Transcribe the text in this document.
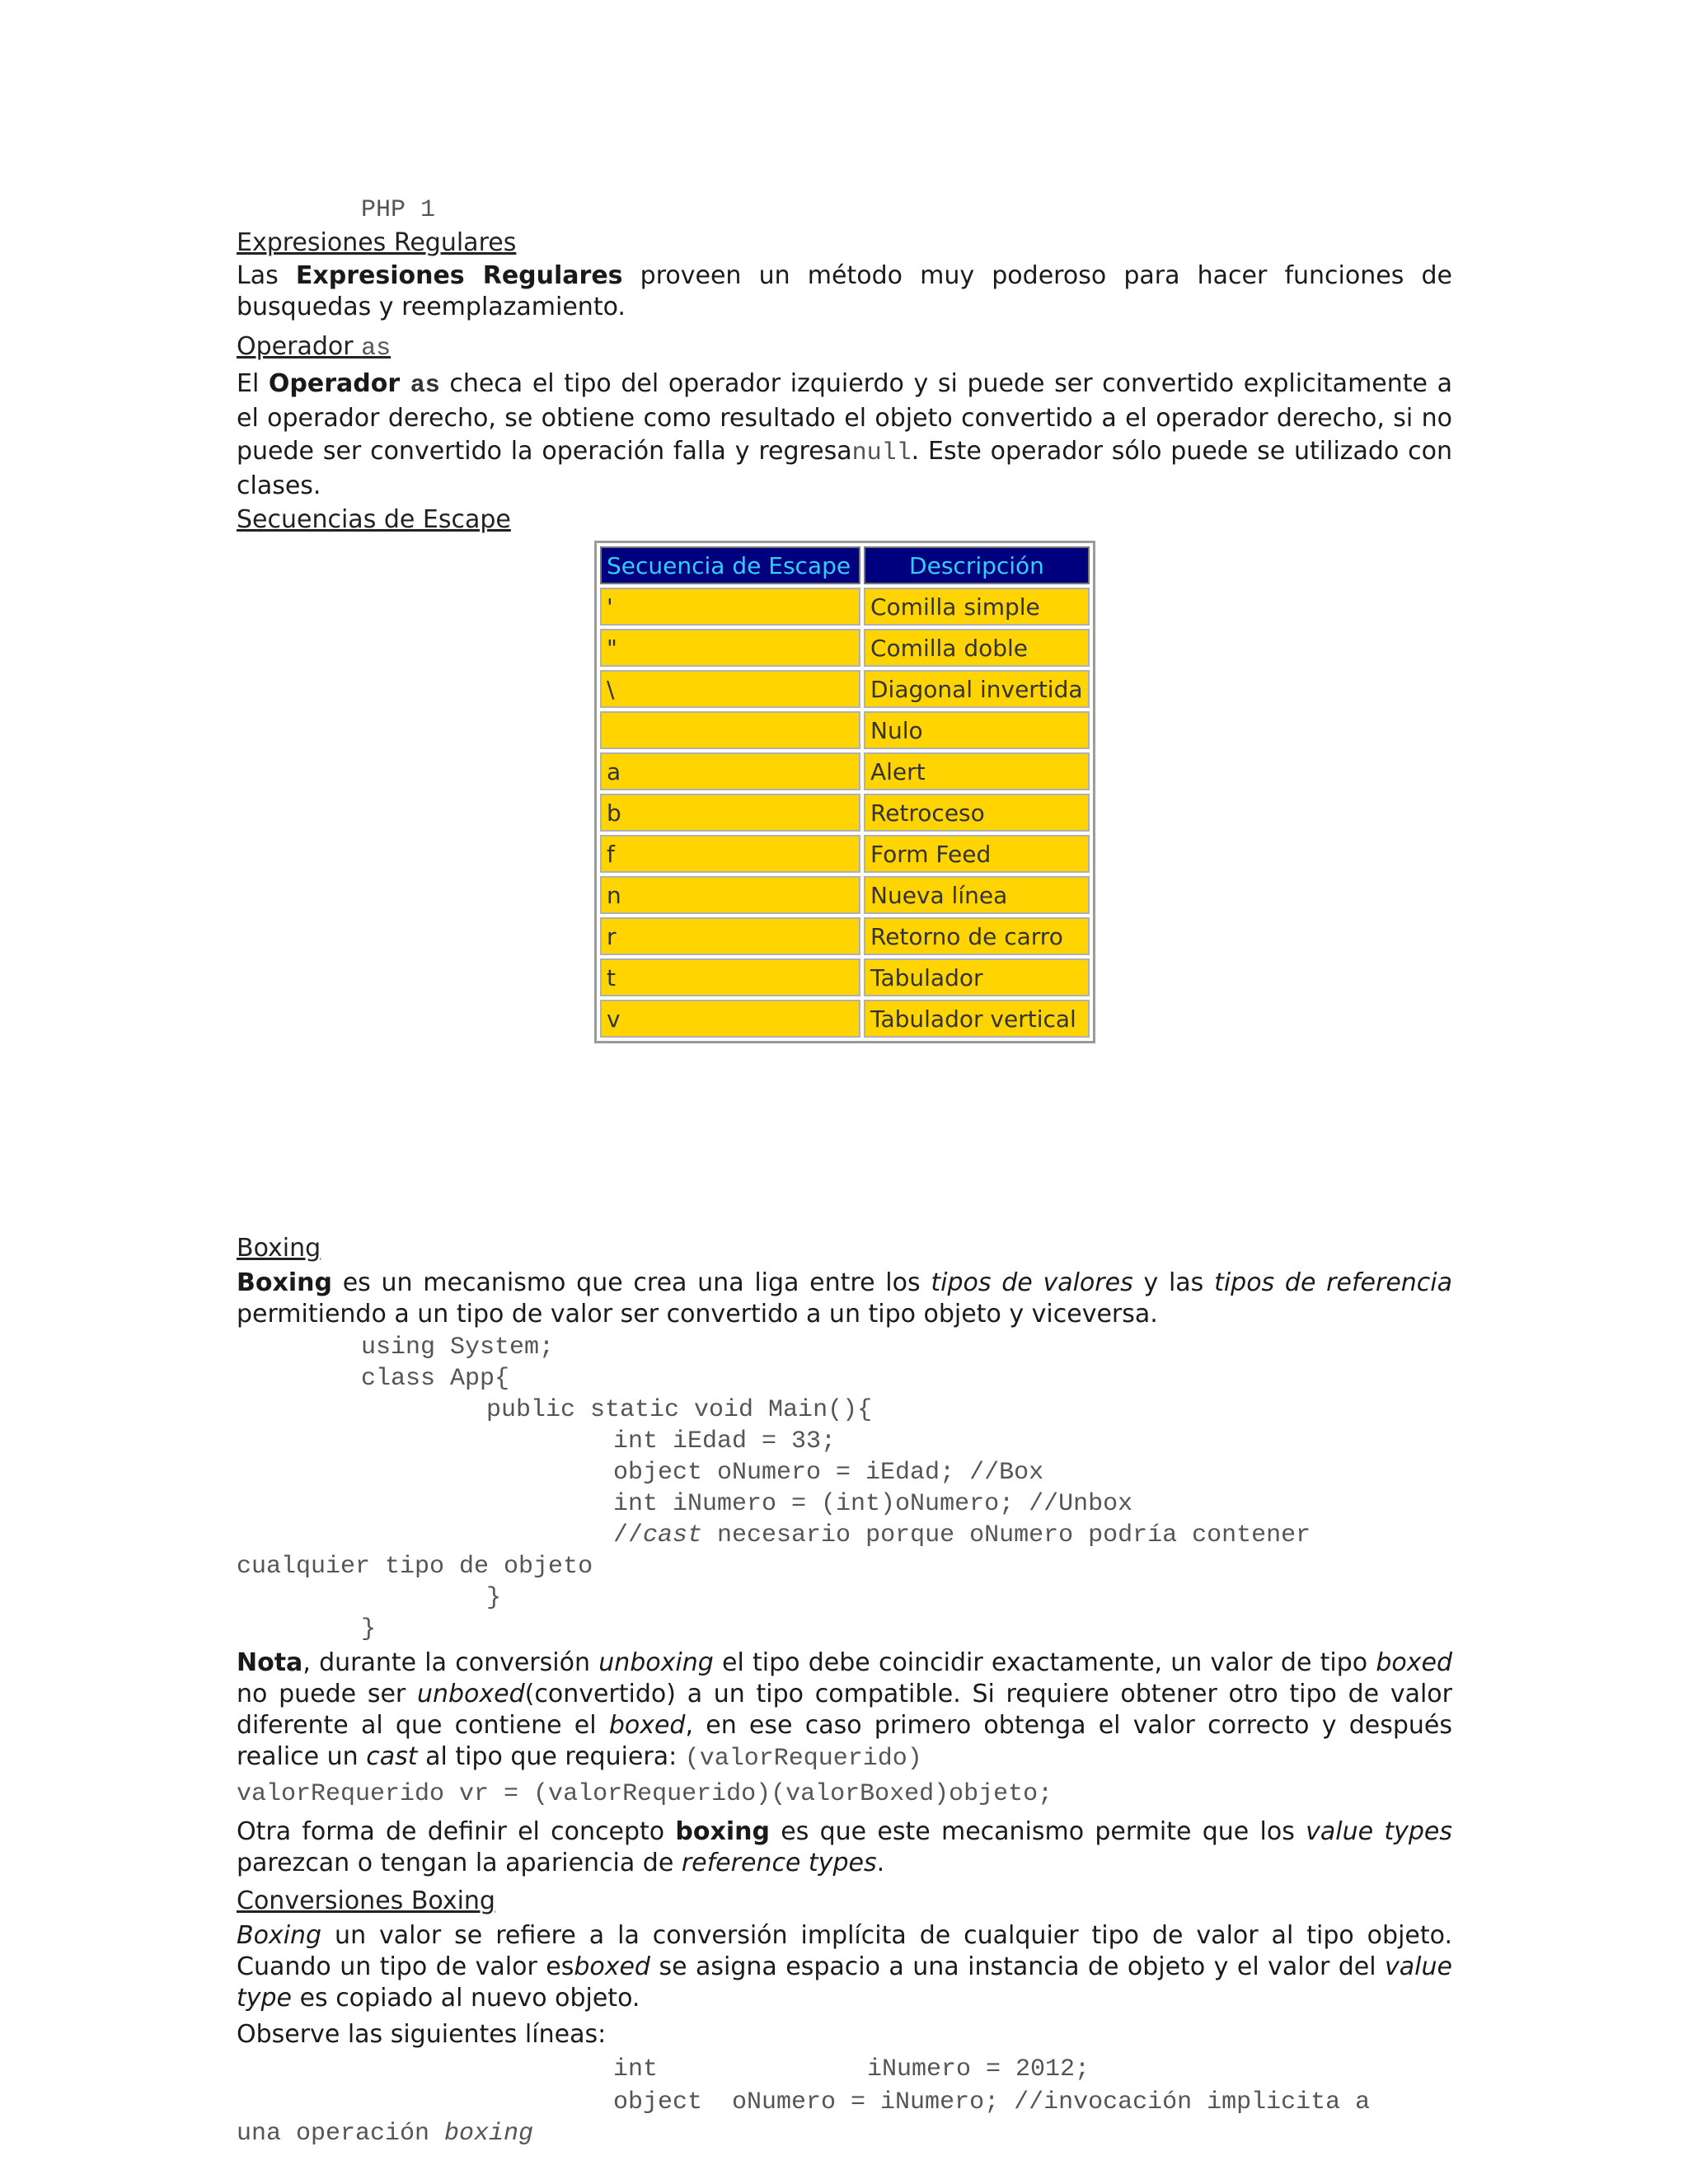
PHP 1
Expresiones Regulares
Las Expresiones Regulares proveen un método muy poderoso para hacer funciones de busquedas y reemplazamiento.
Operador as
El Operador as checa el tipo del operador izquierdo y si puede ser convertido explicitamente a el operador derecho, se obtiene como resultado el objeto convertido a el operador derecho, si no puede ser convertido la operación falla y regresanull. Este operador sólo puede se utilizado con clases.
Secuencias de Escape
Secuencia de Escape	Descripción
'	Comilla simple
"	Comilla doble
\	Diagonal invertida
	Nulo
a	Alert
b	Retroceso
f	Form Feed
n	Nueva línea
r	Retorno de carro
t	Tabulador
v	Tabulador vertical
Boxing
Boxing es un mecanismo que crea una liga entre los tipos de valores y las tipos de referencia permitiendo a un tipo de valor ser convertido a un tipo objeto y viceversa.
using System;
class App{
public static void Main(){
int iEdad = 33;
object oNumero = iEdad; //Box
int iNumero = (int)oNumero; //Unbox
//cast necesario porque oNumero podría contener
cualquier tipo de objeto
}
}
Nota, durante la conversión unboxing el tipo debe coincidir exactamente, un valor de tipo boxed no puede ser unboxed(convertido) a un tipo compatible. Si requiere obtener otro tipo de valor diferente al que contiene el boxed, en ese caso primero obtenga el valor correcto y después realice un cast al tipo que requiera: (valorRequerido)
valorRequerido vr = (valorRequerido)(valorBoxed)objeto;
Otra forma de definir el concepto boxing es que este mecanismo permite que los value types parezcan o tengan la apariencia de reference types.
Conversiones Boxing
Boxing un valor se refiere a la conversión implícita de cualquier tipo de valor al tipo objeto. Cuando un tipo de valor esboxed se asigna espacio a una instancia de objeto y el valor del value type es copiado al nuevo objeto.
Observe las siguientes líneas:
int	iNumero = 2012;
object  oNumero = iNumero; //invocación implicita a
una operación boxing
